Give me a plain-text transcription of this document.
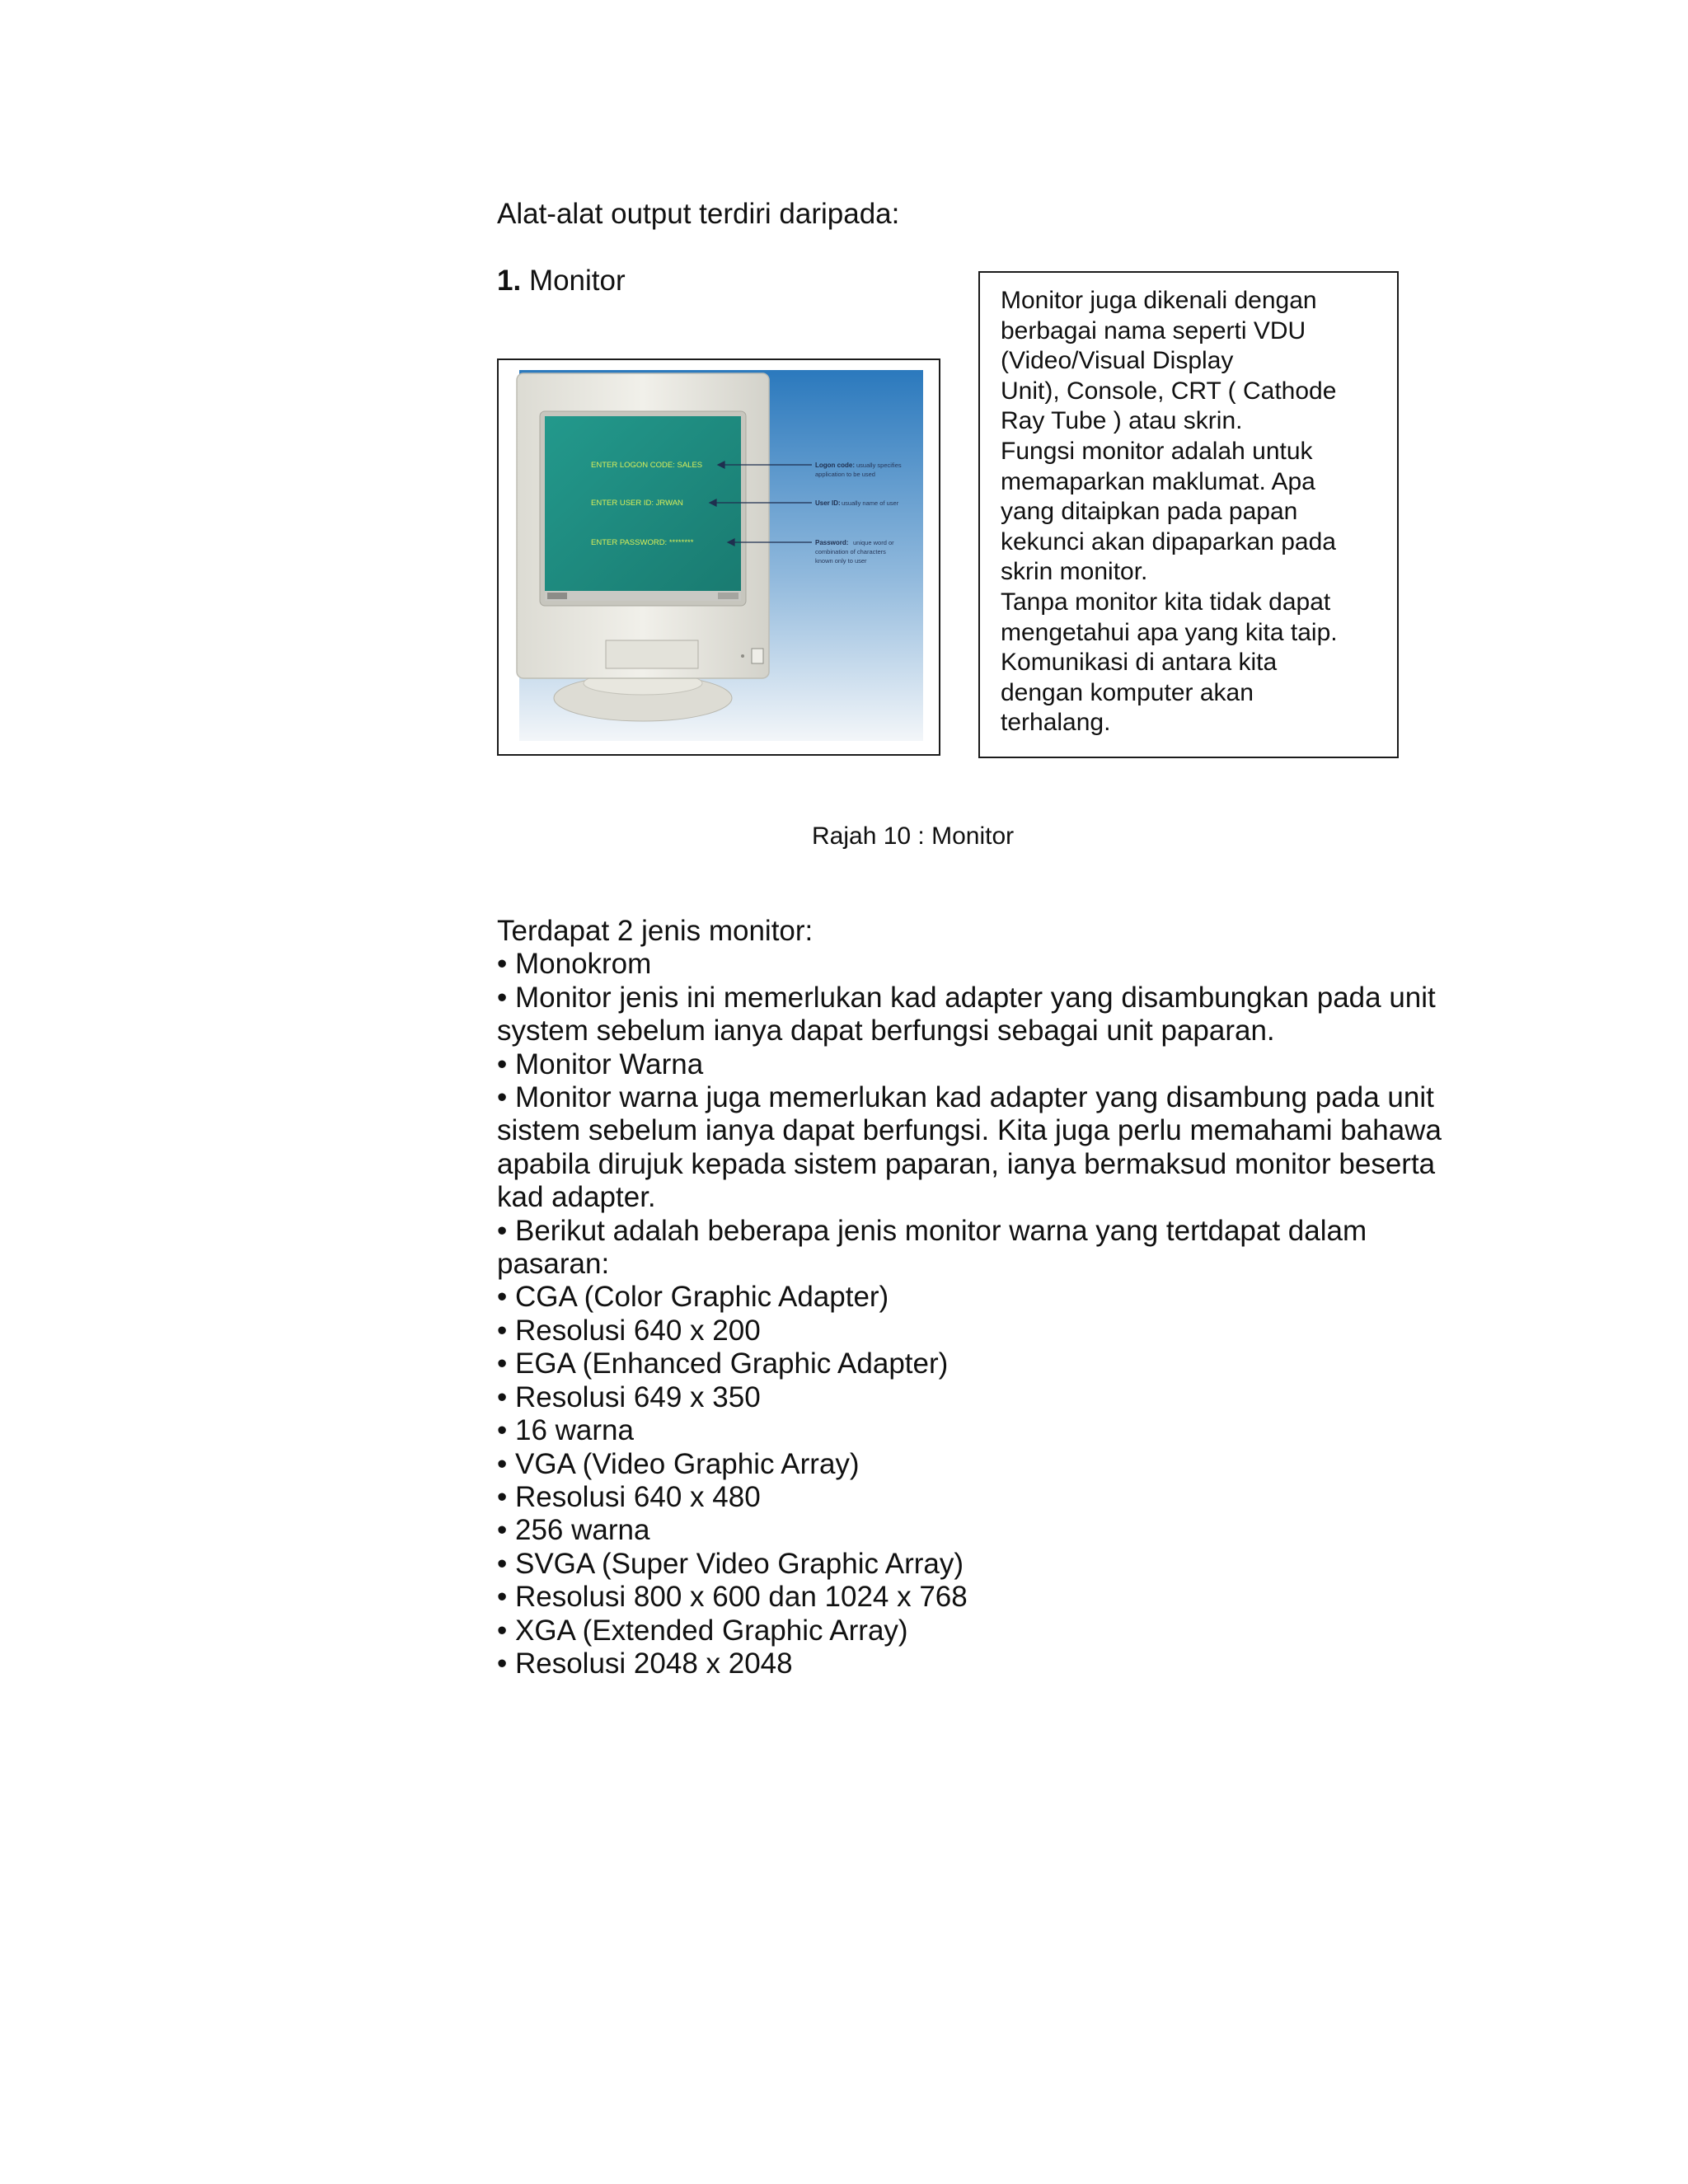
Alat-alat output terdiri daripada:
1. Monitor
ENTER LOGON CODE: SALES
ENTER USER ID: JRWAN
ENTER PASSWORD: ********
Logon code: usually specifies
application to be used
User ID: usually name of user
Password: unique word or
combination of characters
known only to user

Monitor juga dikenali dengan

berbagai nama seperti VDU

(Video/Visual Display

Unit), Console, CRT ( Cathode

Ray Tube ) atau skrin.

Fungsi monitor adalah untuk

memaparkan maklumat. Apa

yang ditaipkan pada papan

kekunci akan dipaparkan pada

skrin monitor.

Tanpa monitor kita tidak dapat

mengetahui apa yang kita taip.

Komunikasi di antara kita

dengan komputer akan

terhalang.

Rajah 10 : Monitor

Terdapat 2 jenis monitor:

• Monokrom

• Monitor jenis ini memerlukan kad adapter yang disambungkan pada unit

system sebelum ianya dapat berfungsi sebagai unit paparan.

• Monitor Warna

• Monitor warna juga memerlukan kad adapter yang disambung pada unit

sistem sebelum ianya dapat berfungsi. Kita juga perlu memahami bahawa

apabila dirujuk kepada sistem paparan, ianya bermaksud monitor beserta

kad adapter.

• Berikut adalah beberapa jenis monitor warna yang tertdapat dalam

pasaran:

• CGA (Color Graphic Adapter)

• Resolusi 640 x 200

• EGA (Enhanced Graphic Adapter)

• Resolusi 649 x 350

• 16 warna

• VGA (Video Graphic Array)

• Resolusi 640 x 480

• 256 warna

• SVGA (Super Video Graphic Array)

• Resolusi 800 x 600 dan 1024 x 768

• XGA (Extended Graphic Array)

• Resolusi 2048 x 2048
